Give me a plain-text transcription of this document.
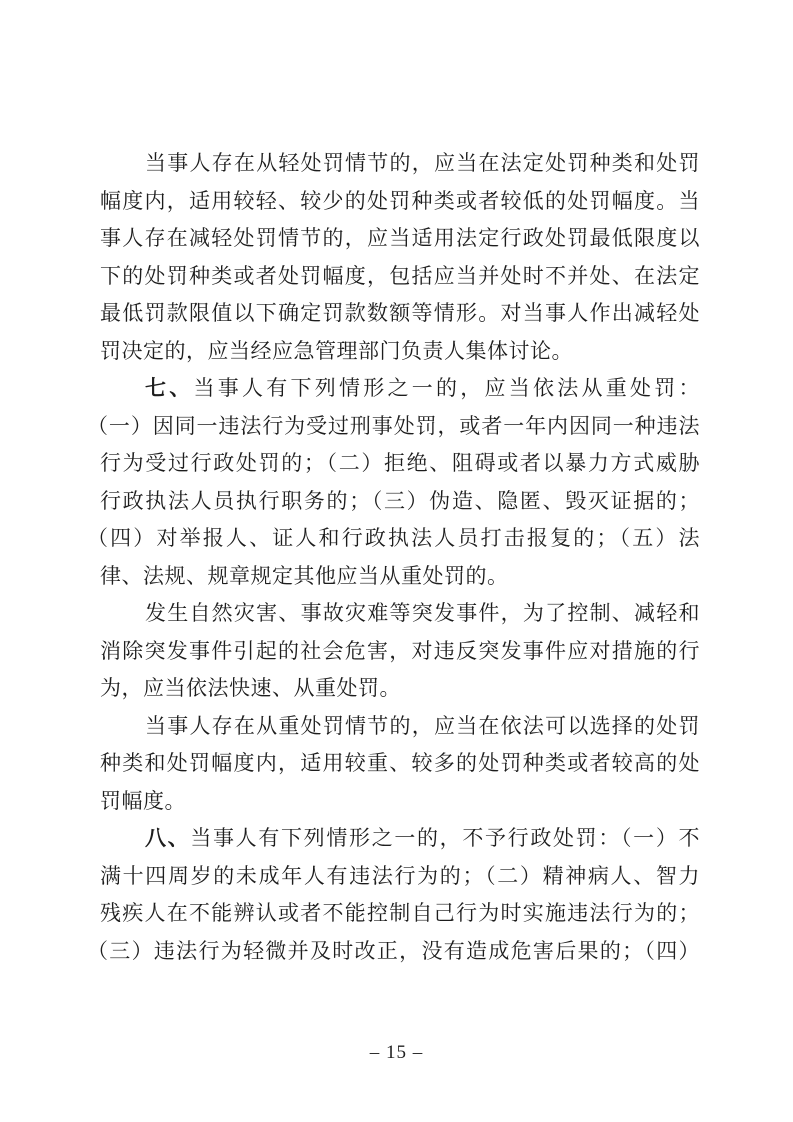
当事人存在从轻处罚情节的，应当在法定处罚种类和处罚
幅度内，适用较轻、较少的处罚种类或者较低的处罚幅度。当
事人存在减轻处罚情节的，应当适用法定行政处罚最低限度以
下的处罚种类或者处罚幅度，包括应当并处时不并处、在法定
最低罚款限值以下确定罚款数额等情形。对当事人作出减轻处
罚决定的，应当经应急管理部门负责人集体讨论。
七、当事人有下列情形之一的，应当依法从重处罚：
（一）因同一违法行为受过刑事处罚，或者一年内因同一种违法
行为受过行政处罚的；（二）拒绝、阻碍或者以暴力方式威胁
行政执法人员执行职务的；（三）伪造、隐匿、毁灭证据的；
（四）对举报人、证人和行政执法人员打击报复的；（五）法
律、法规、规章规定其他应当从重处罚的。
发生自然灾害、事故灾难等突发事件，为了控制、减轻和
消除突发事件引起的社会危害，对违反突发事件应对措施的行
为，应当依法快速、从重处罚。
当事人存在从重处罚情节的，应当在依法可以选择的处罚
种类和处罚幅度内，适用较重、较多的处罚种类或者较高的处
罚幅度。
八、当事人有下列情形之一的，不予行政处罚：（一）不
满十四周岁的未成年人有违法行为的；（二）精神病人、智力
残疾人在不能辨认或者不能控制自己行为时实施违法行为的；
（三）违法行为轻微并及时改正，没有造成危害后果的；（四）
– 15 –
